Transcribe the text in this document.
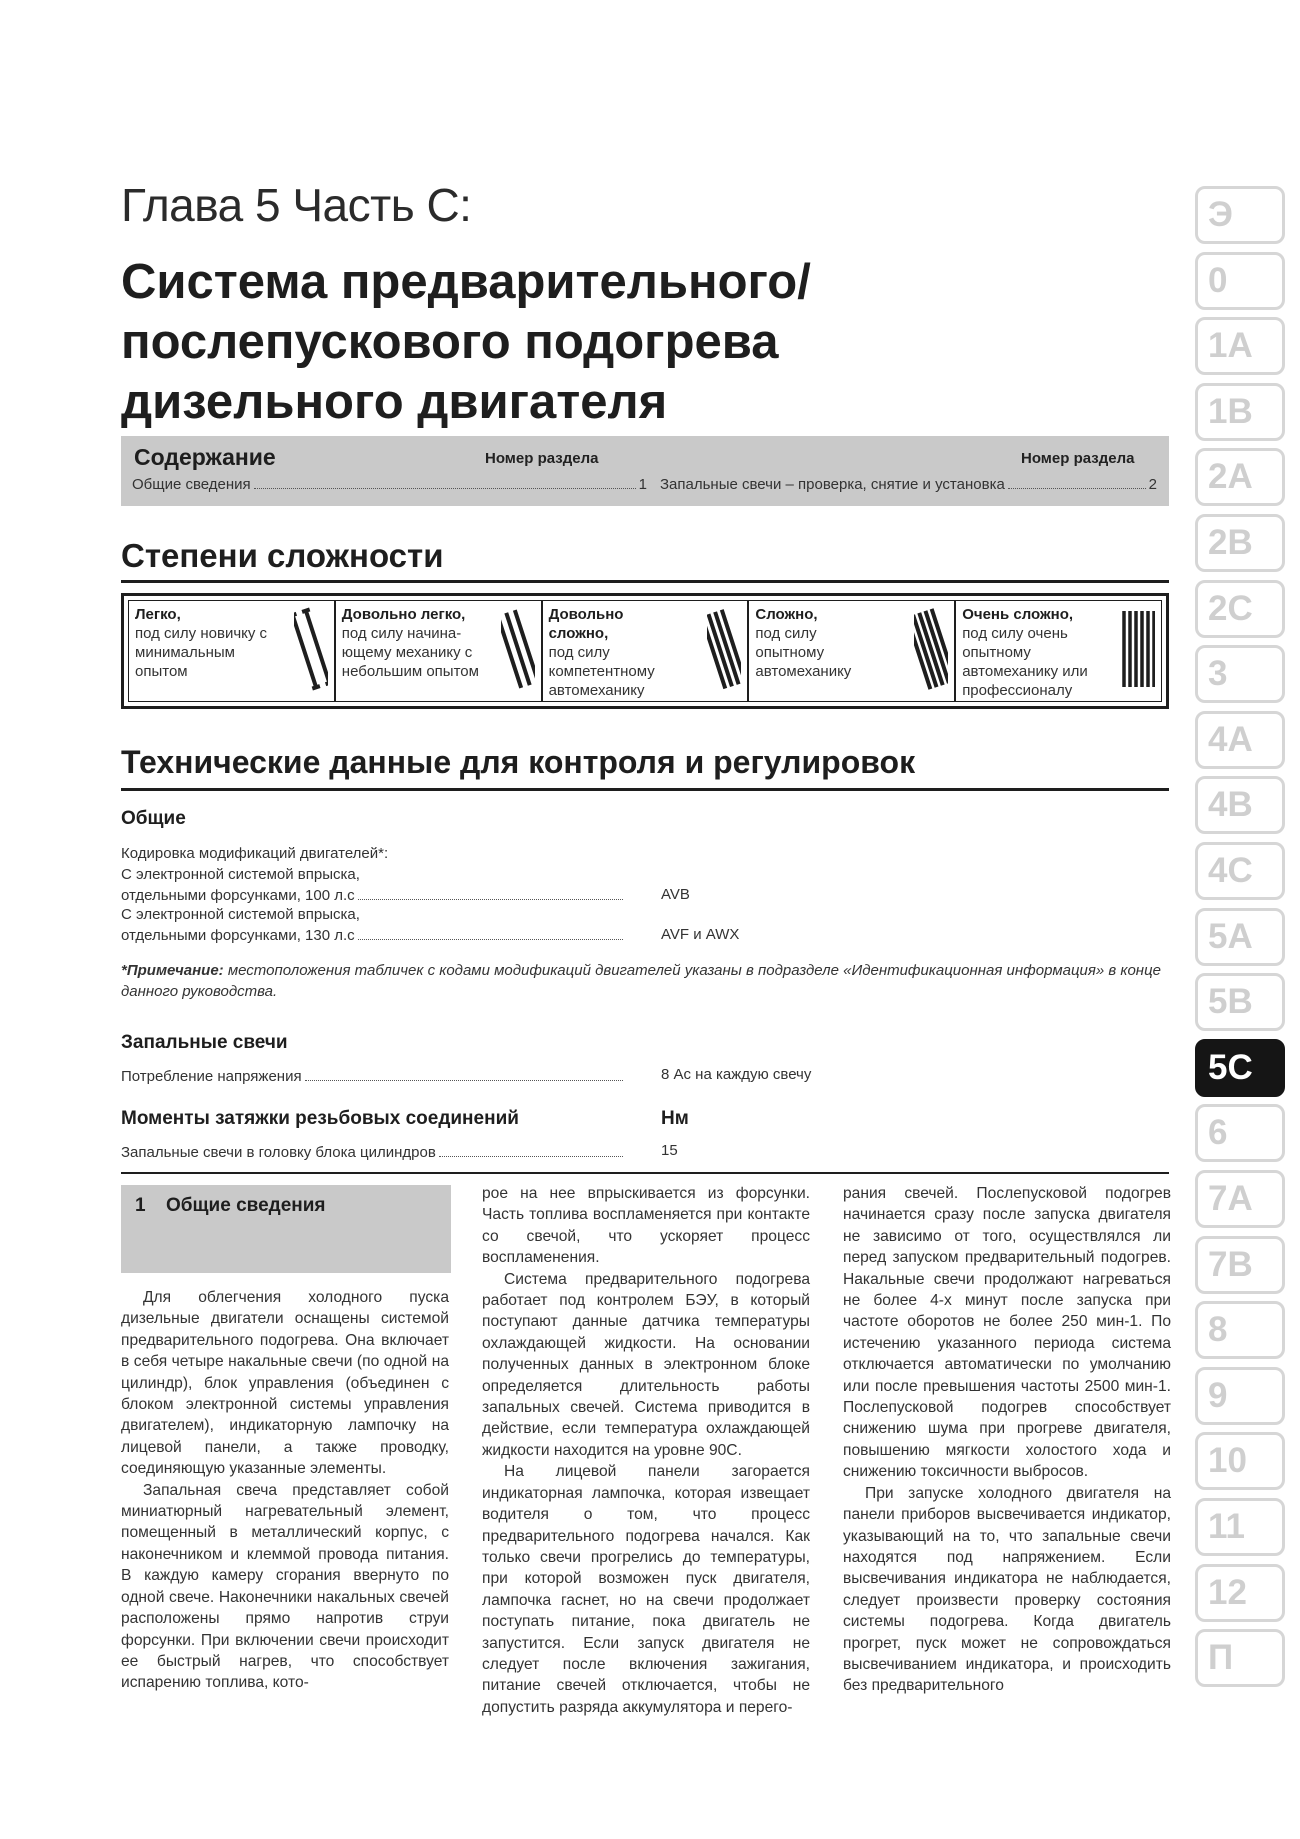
Глава 5 Часть С:
Система предварительного/
послепускового подогрева
дизельного двигателя
Содержание	Номер раздела	Номер раздела
Общие сведения	1 Запальные свечи – проверка, снятие и установка	2
Степени сложности
Легко,
под силу новичку с минимальным опытом
Довольно легко,
под силу начина-ющему механику с небольшим опытом
Довольно сложно,
под силу компетентному автомеханику
Сложно,
под силу опытному автомеханику
Очень сложно,
под силу очень опытному автомеханику или профессионалу
Технические данные для контроля и регулировок
Общие
Кодировка модификаций двигателей*:
С электронной системой впрыска,
отдельными форсунками, 100 л.с	AVB
С электронной системой впрыска,
отдельными форсунками, 130 л.с	AVF и AWX
*Примечание: местоположения табличек с кодами модификаций двигателей указаны в подразделе «Идентификационная информация» в конце данного руководства.
Запальные свечи
Потребление напряжения	8 Ас на каждую свечу
Моменты затяжки резьбовых соединений	Нм
Запальные свечи в головку блока цилиндров	15
1 Общие сведения

Для облегчения холодного пуска дизельные двигатели оснащены системой предварительного подогрева. Она включает в себя четыре накальные свечи (по одной на цилиндр), блок управления (объединен с блоком электронной системы управления двигателем), индикаторную лампочку на лицевой панели, а также проводку, соединяющую указанные элементы.

Запальная свеча представляет собой миниатюрный нагревательный элемент, помещенный в металлический корпус, с наконечником и клеммой провода питания. В каждую камеру сгорания ввернуто по одной свече. Наконечники накальных свечей расположены прямо напротив струи форсунки. При включении свечи происходит ее быстрый нагрев, что способствует испарению топлива, кото-

рое на нее впрыскивается из форсунки. Часть топлива воспламеняется при контакте со свечой, что ускоряет процесс воспламенения.

Система предварительного подогрева работает под контролем БЭУ, в который поступают данные датчика температуры охлаждающей жидкости. На основании полученных данных в электронном блоке определяется длительность работы запальных свечей. Система приводится в действие, если температура охлаждающей жидкости находится на уровне 90С.

На лицевой панели загорается индикаторная лампочка, которая извещает водителя о том, что процесс предварительного подогрева начался. Как только свечи прогрелись до температуры, при которой возможен пуск двигателя, лампочка гаснет, но на свечи продолжает поступать питание, пока двигатель не запустится. Если запуск двигателя не следует после включения зажигания, питание свечей отключается, чтобы не допустить разряда аккумулятора и перего-

рания свечей. Послепусковой подогрев начинается сразу после запуска двигателя не зависимо от того, осуществлялся ли перед запуском предварительный подогрев. Накальные свечи продолжают нагреваться не более 4-х минут после запуска при частоте оборотов не более 250 мин-1. По истечению указанного периода система отключается автоматически по умолчанию или после превышения частоты 2500 мин-1. Послепусковой подогрев способствует снижению шума при прогреве двигателя, повышению мягкости холостого хода и снижению токсичности выбросов.

При запуске холодного двигателя на панели приборов высвечивается индикатор, указывающий на то, что запальные свечи находятся под напряжением. Если высвечивания индикатора не наблюдается, следует произвести проверку состояния системы подогрева. Когда двигатель прогрет, пуск может не сопровождаться высвечиванием индикатора, и происходить без предварительного

Э
0
1A
1B
2A
2B
2C
3
4A
4B
4C
5A
5B
5C
6
7A
7B
8
9
10
11
12
П
